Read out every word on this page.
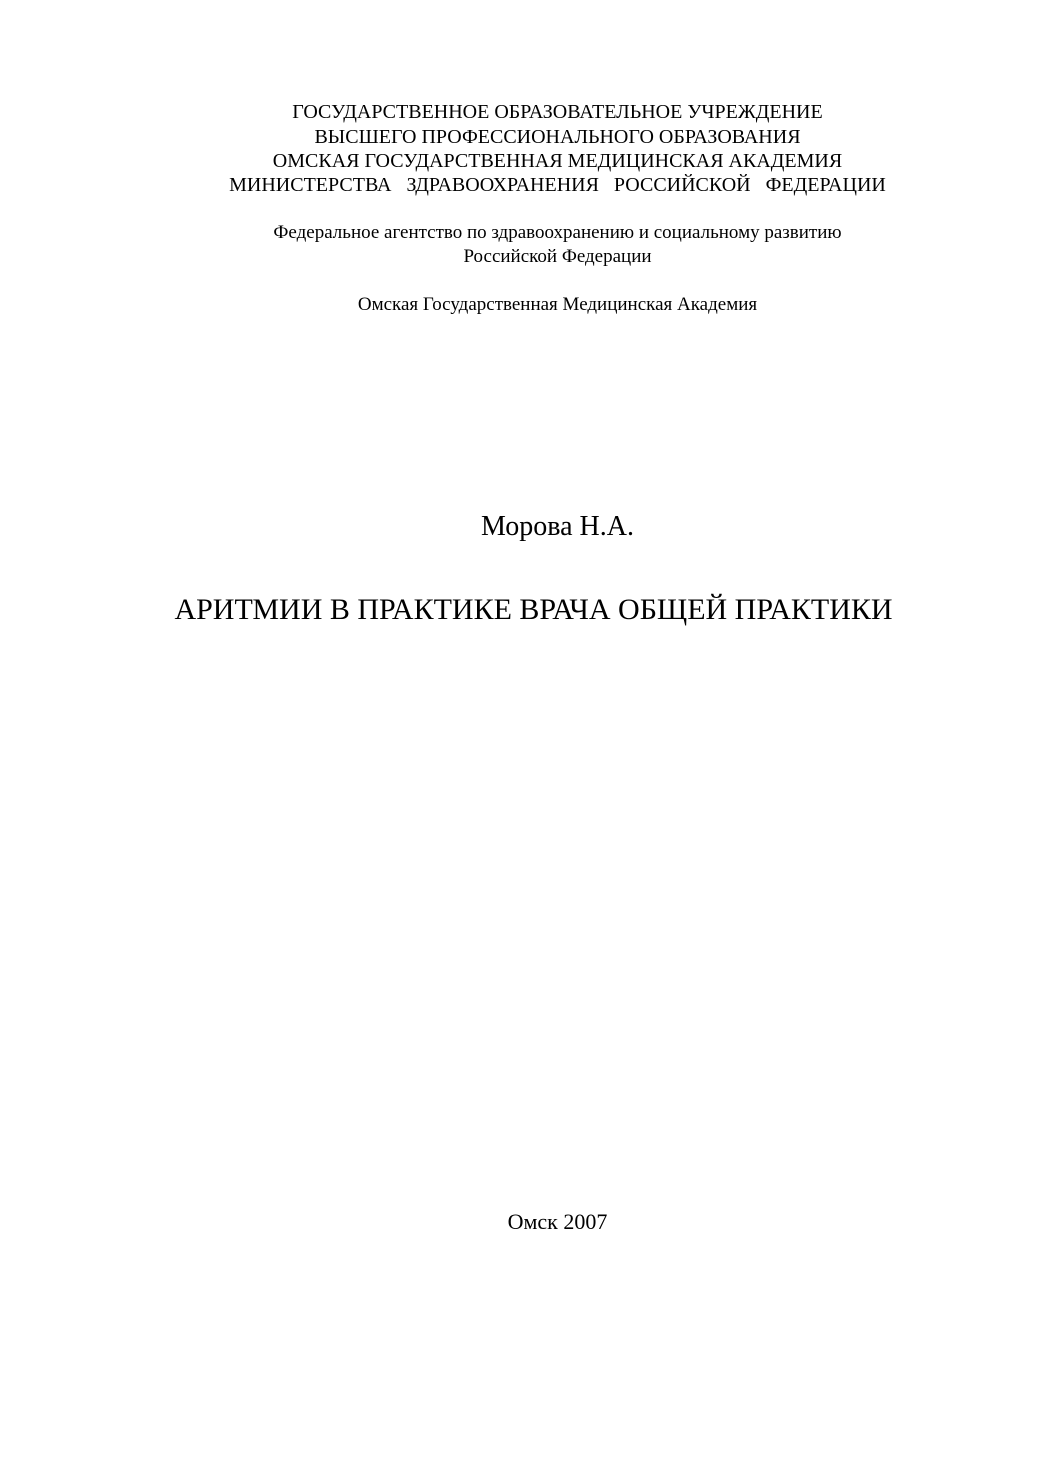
ГОСУДАРСТВЕННОЕ ОБРАЗОВАТЕЛЬНОЕ УЧРЕЖДЕНИЕ
ВЫСШЕГО ПРОФЕССИОНАЛЬНОГО ОБРАЗОВАНИЯ
ОМСКАЯ ГОСУДАРСТВЕННАЯ МЕДИЦИНСКАЯ АКАДЕМИЯ
МИНИСТЕРСТВА   ЗДРАВООХРАНЕНИЯ   РОССИЙСКОЙ   ФЕДЕРАЦИИ
Федеральное агентство по здравоохранению и социальному развитию
Российской Федерации
Омская Государственная Медицинская Академия
Морова Н.А.
АРИТМИИ В ПРАКТИКЕ ВРАЧА ОБЩЕЙ ПРАКТИКИ
Омск 2007
